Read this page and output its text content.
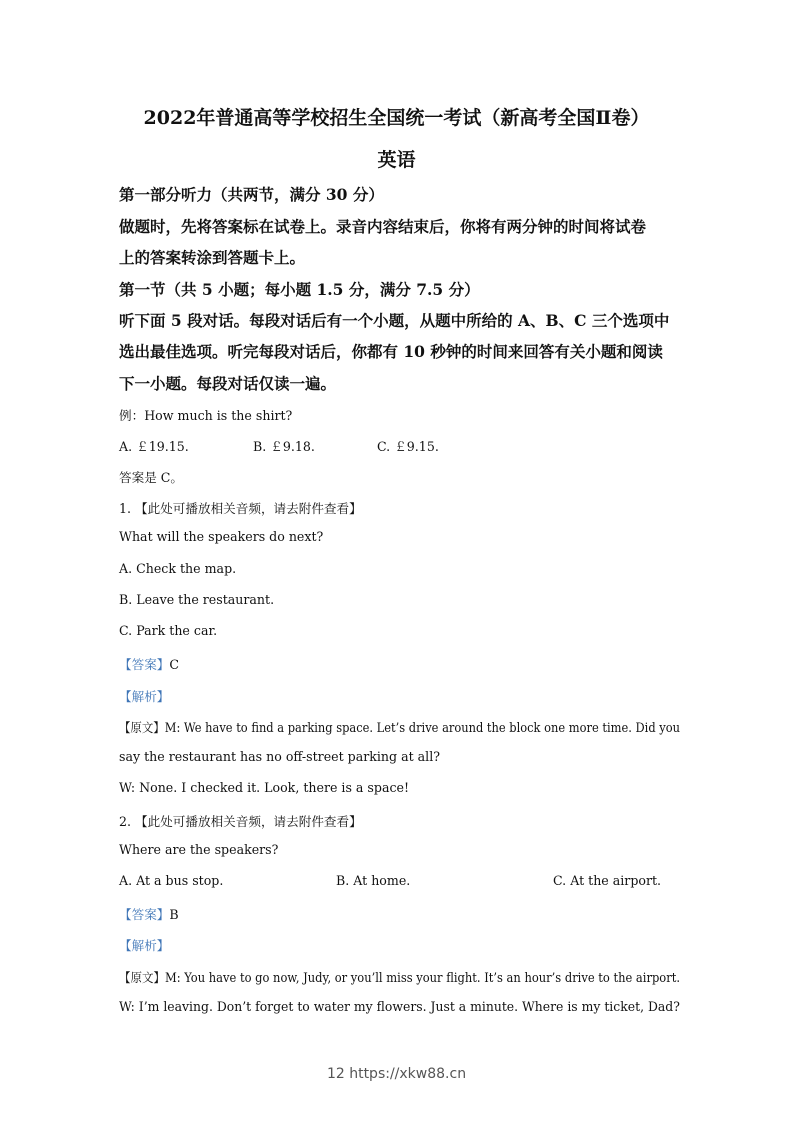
2022年普通高等学校招生全国统一考试（新高考全国Ⅱ卷）
英语
第一部分听力（共两节，满分 30 分）
做题时，先将答案标在试卷上。录音内容结束后，你将有两分钟的时间将试卷
上的答案转涂到答题卡上。
第一节（共 5 小题；每小题 1.5 分，满分 7.5 分）
听下面 5 段对话。每段对话后有一个小题，从题中所给的 A、B、C 三个选项中
选出最佳选项。听完每段对话后，你都有 10 秒钟的时间来回答有关小题和阅读
下一小题。每段对话仅读一遍。
例：How much is the shirt?
A. ￡19.15.	B. ￡9.18.	C. ￡9.15.
答案是 C。
1. 【此处可播放相关音频，请去附件查看】
What will the speakers do next?
A. Check the map.
B. Leave the restaurant.
C. Park the car.
【答案】C
【解析】
【原文】M: We have to find a parking space. Let’s drive around the block one more time. Did you
say the restaurant has no off-street parking at all?
W: None. I checked it. Look, there is a space!
2. 【此处可播放相关音频，请去附件查看】
Where are the speakers?
A. At a bus stop.	B. At home.	C. At the airport.
【答案】B
【解析】
【原文】M: You have to go now, Judy, or you’ll miss your flight. It’s an hour’s drive to the airport.
W: I’m leaving. Don’t forget to water my flowers. Just a minute. Where is my ticket, Dad?
12 https://xkw88.cn
